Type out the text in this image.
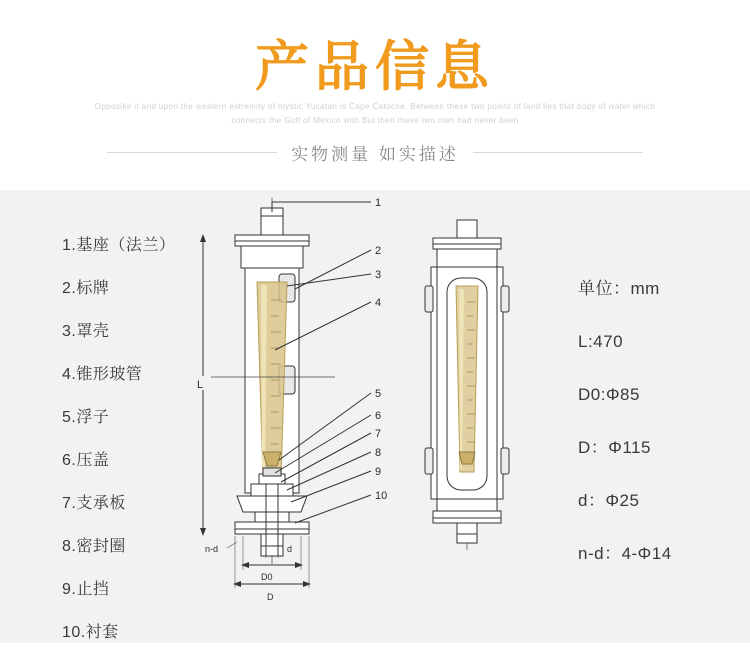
产品信息
Opposike it and upon the western extremity of mystic Yucatan is Cape Catoche. Between these two points of land lies that body of water which
connects the Gulf of Mexico with But then these two men had never been
实物测量 如实描述
1.基座（法兰）
2.标牌
3.罩壳
4.锥形玻管
5.浮子
6.压盖
7.支承板
8.密封圈
9.止挡
10.衬套
单位：mm
L:470
D0:Φ85
D：Φ115
d：Φ25
n-d：4-Φ14
1
2
3
4
5
6
7
8
9
10
L
D0
D
d
n-d
